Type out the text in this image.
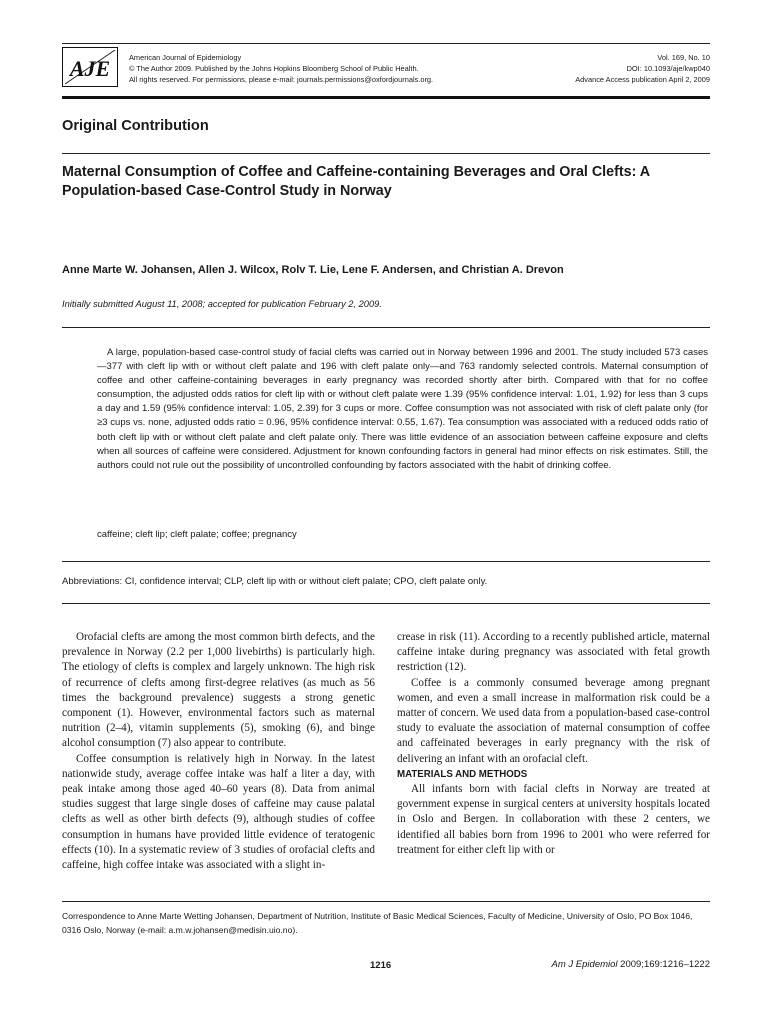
AJE	American Journal of Epidemiology
© The Author 2009. Published by the Johns Hopkins Bloomberg School of Public Health.
All rights reserved. For permissions, please e-mail: journals.permissions@oxfordjournals.org.
Vol. 169, No. 10
DOI: 10.1093/aje/kwp040
Advance Access publication April 2, 2009
Original Contribution
Maternal Consumption of Coffee and Caffeine-containing Beverages and Oral Clefts: A Population-based Case-Control Study in Norway
Anne Marte W. Johansen, Allen J. Wilcox, Rolv T. Lie, Lene F. Andersen, and Christian A. Drevon
Initially submitted August 11, 2008; accepted for publication February 2, 2009.

A large, population-based case-control study of facial clefts was carried out in Norway between 1996 and 2001. The study included 573 cases—377 with cleft lip with or without cleft palate and 196 with cleft palate only—and 763 randomly selected controls. Maternal consumption of coffee and other caffeine-containing beverages in early pregnancy was recorded shortly after birth. Compared with that for no coffee consumption, the adjusted odds ratios for cleft lip with or without cleft palate were 1.39 (95% confidence interval: 1.01, 1.92) for less than 3 cups a day and 1.59 (95% confidence interval: 1.05, 2.39) for 3 cups or more. Coffee consumption was not associated with risk of cleft palate only (for ≥3 cups vs. none, adjusted odds ratio = 0.96, 95% confidence interval: 0.55, 1.67). Tea consumption was associated with a reduced odds ratio of both cleft lip with or without cleft palate and cleft palate only. There was little evidence of an association between caffeine exposure and clefts when all sources of caffeine were considered. Adjustment for known confounding factors in general had minor effects on risk estimates. Still, the authors could not rule out the possibility of uncontrolled confounding by factors associated with the habit of drinking coffee.

caffeine; cleft lip; cleft palate; coffee; pregnancy
Abbreviations: CI, confidence interval; CLP, cleft lip with or without cleft palate; CPO, cleft palate only.

Orofacial clefts are among the most common birth defects, and the prevalence in Norway (2.2 per 1,000 livebirths) is particularly high. The etiology of clefts is complex and largely unknown. The high risk of recurrence of clefts among first-degree relatives (as much as 56 times the background prevalence) suggests a strong genetic component (1). However, environmental factors such as maternal nutrition (2–4), vitamin supplements (5), smoking (6), and binge alcohol consumption (7) also appear to contribute.

Coffee consumption is relatively high in Norway. In the latest nationwide study, average coffee intake was half a liter a day, with peak intake among those aged 40–60 years (8). Data from animal studies suggest that large single doses of caffeine may cause palatal clefts as well as other birth defects (9), although studies of coffee consumption in humans have provided little evidence of teratogenic effects (10). In a systematic review of 3 studies of orofacial clefts and caffeine, high coffee intake was associated with a slight in-

crease in risk (11). According to a recently published article, maternal caffeine intake during pregnancy was associated with fetal growth restriction (12).

Coffee is a commonly consumed beverage among pregnant women, and even a small increase in malformation risk could be a matter of concern. We used data from a population-based case-control study to evaluate the association of maternal consumption of coffee and caffeinated beverages in early pregnancy with the risk of delivering an infant with an orofacial cleft.

MATERIALS AND METHODS

All infants born with facial clefts in Norway are treated at government expense in surgical centers at university hospitals located in Oslo and Bergen. In collaboration with these 2 centers, we identified all babies born from 1996 to 2001 who were referred for treatment for either cleft lip with or

Correspondence to Anne Marte Wetting Johansen, Department of Nutrition, Institute of Basic Medical Sciences, Faculty of Medicine, University of Oslo, PO Box 1046, 0316 Oslo, Norway (e-mail: a.m.w.johansen@medisin.uio.no).
1216	Am J Epidemiol 2009;169:1216–1222
